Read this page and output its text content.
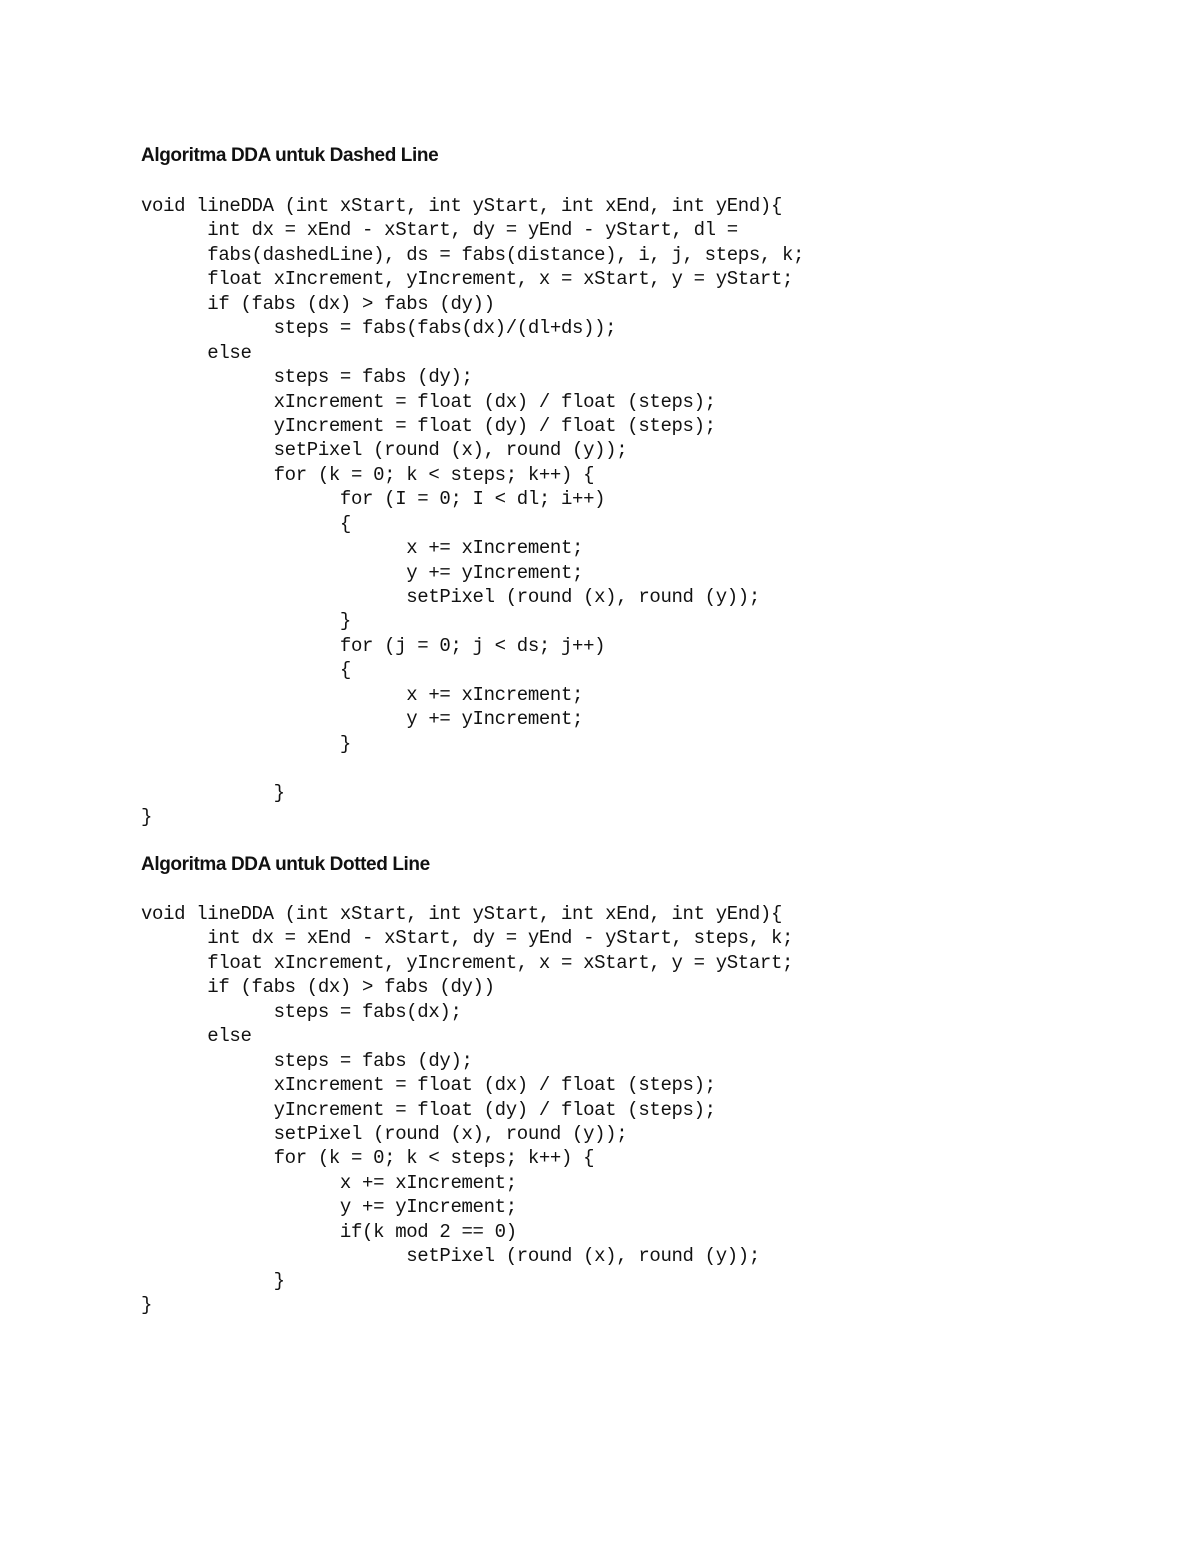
Algoritma DDA untuk Dashed Line
void lineDDA (int xStart, int yStart, int xEnd, int yEnd){
int dx = xEnd - xStart, dy = yEnd - yStart, dl =
fabs(dashedLine), ds = fabs(distance), i, j, steps, k;
float xIncrement, yIncrement, x = xStart, y = yStart;
if (fabs (dx) > fabs (dy))
steps = fabs(fabs(dx)/(dl+ds));
else
steps = fabs (dy);
xIncrement = float (dx) / float (steps);
yIncrement = float (dy) / float (steps);
setPixel (round (x), round (y));
for (k = 0; k < steps; k++) {
for (I = 0; I < dl; i++)
{
x += xIncrement;
y += yIncrement;
setPixel (round (x), round (y));
}
for (j = 0; j < ds; j++)
{
x += xIncrement;
y += yIncrement;
}
}
}
Algoritma DDA untuk Dotted Line
void lineDDA (int xStart, int yStart, int xEnd, int yEnd){
int dx = xEnd - xStart, dy = yEnd - yStart, steps, k;
float xIncrement, yIncrement, x = xStart, y = yStart;
if (fabs (dx) > fabs (dy))
steps = fabs(dx);
else
steps = fabs (dy);
xIncrement = float (dx) / float (steps);
yIncrement = float (dy) / float (steps);
setPixel (round (x), round (y));
for (k = 0; k < steps; k++) {
x += xIncrement;
y += yIncrement;
if(k mod 2 == 0)
setPixel (round (x), round (y));
}
}
